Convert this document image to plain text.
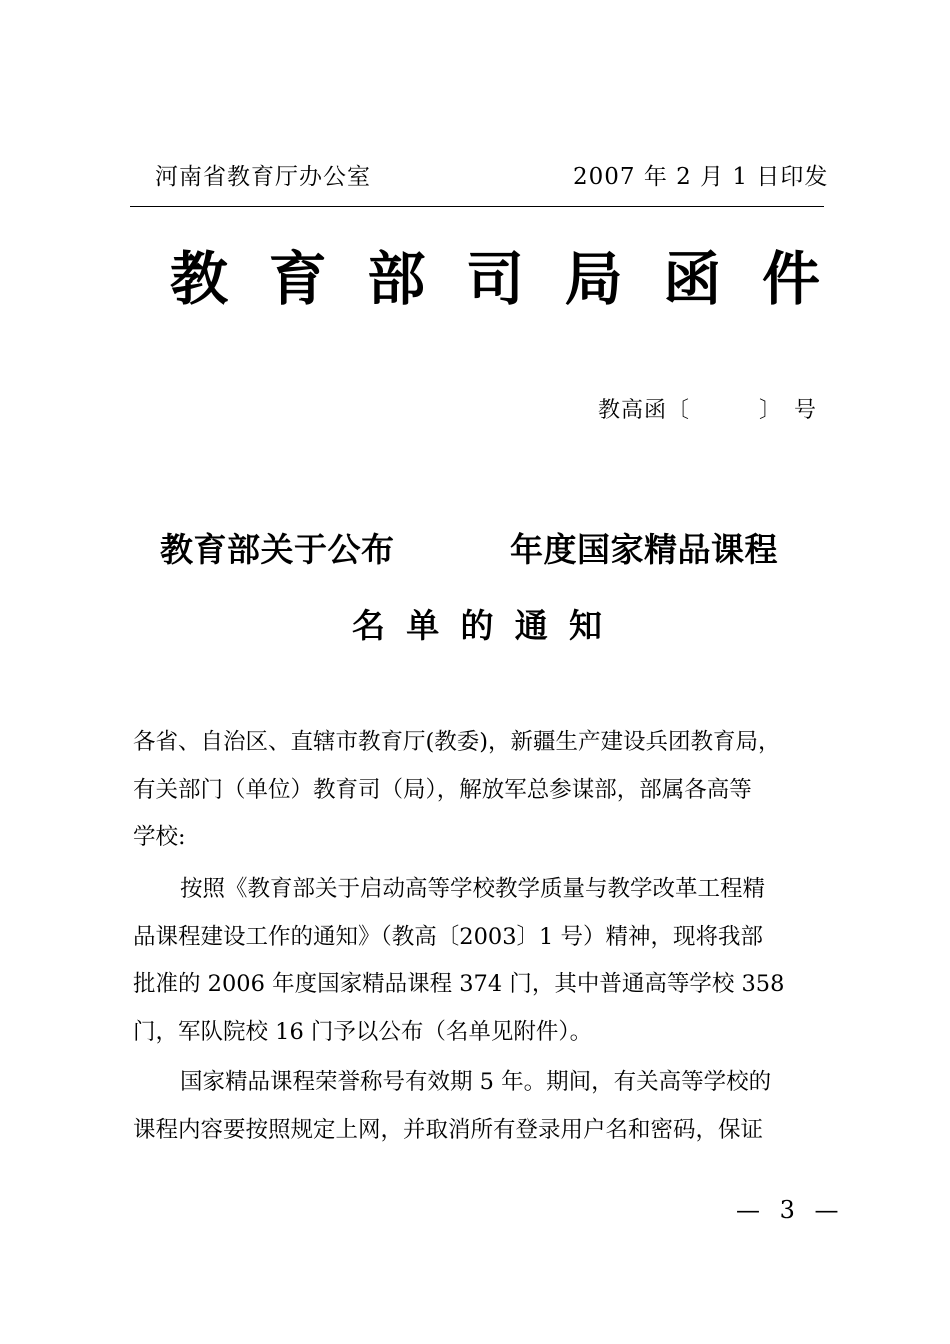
河南省教育厅办公室	2007 年 2 月 1 日印发
教 育 部 司 局 函 件
教高函〔　　　〕　号
教育部关于公布	年度国家精品课程
名 单 的 通 知
各省、自治区、直辖市教育厅(教委)，新疆生产建设兵团教育局，
有关部门（单位）教育司（局），解放军总参谋部，部属各高等
学校:
按照《教育部关于启动高等学校教学质量与教学改革工程精
品课程建设工作的通知》（教高〔2003〕1 号）精神，现将我部
批准的 2006 年度国家精品课程 374 门，其中普通高等学校 358
门，军队院校 16 门予以公布（名单见附件）。
国家精品课程荣誉称号有效期 5 年。期间，有关高等学校的
课程内容要按照规定上网，并取消所有登录用户名和密码，保证
— 3 —
